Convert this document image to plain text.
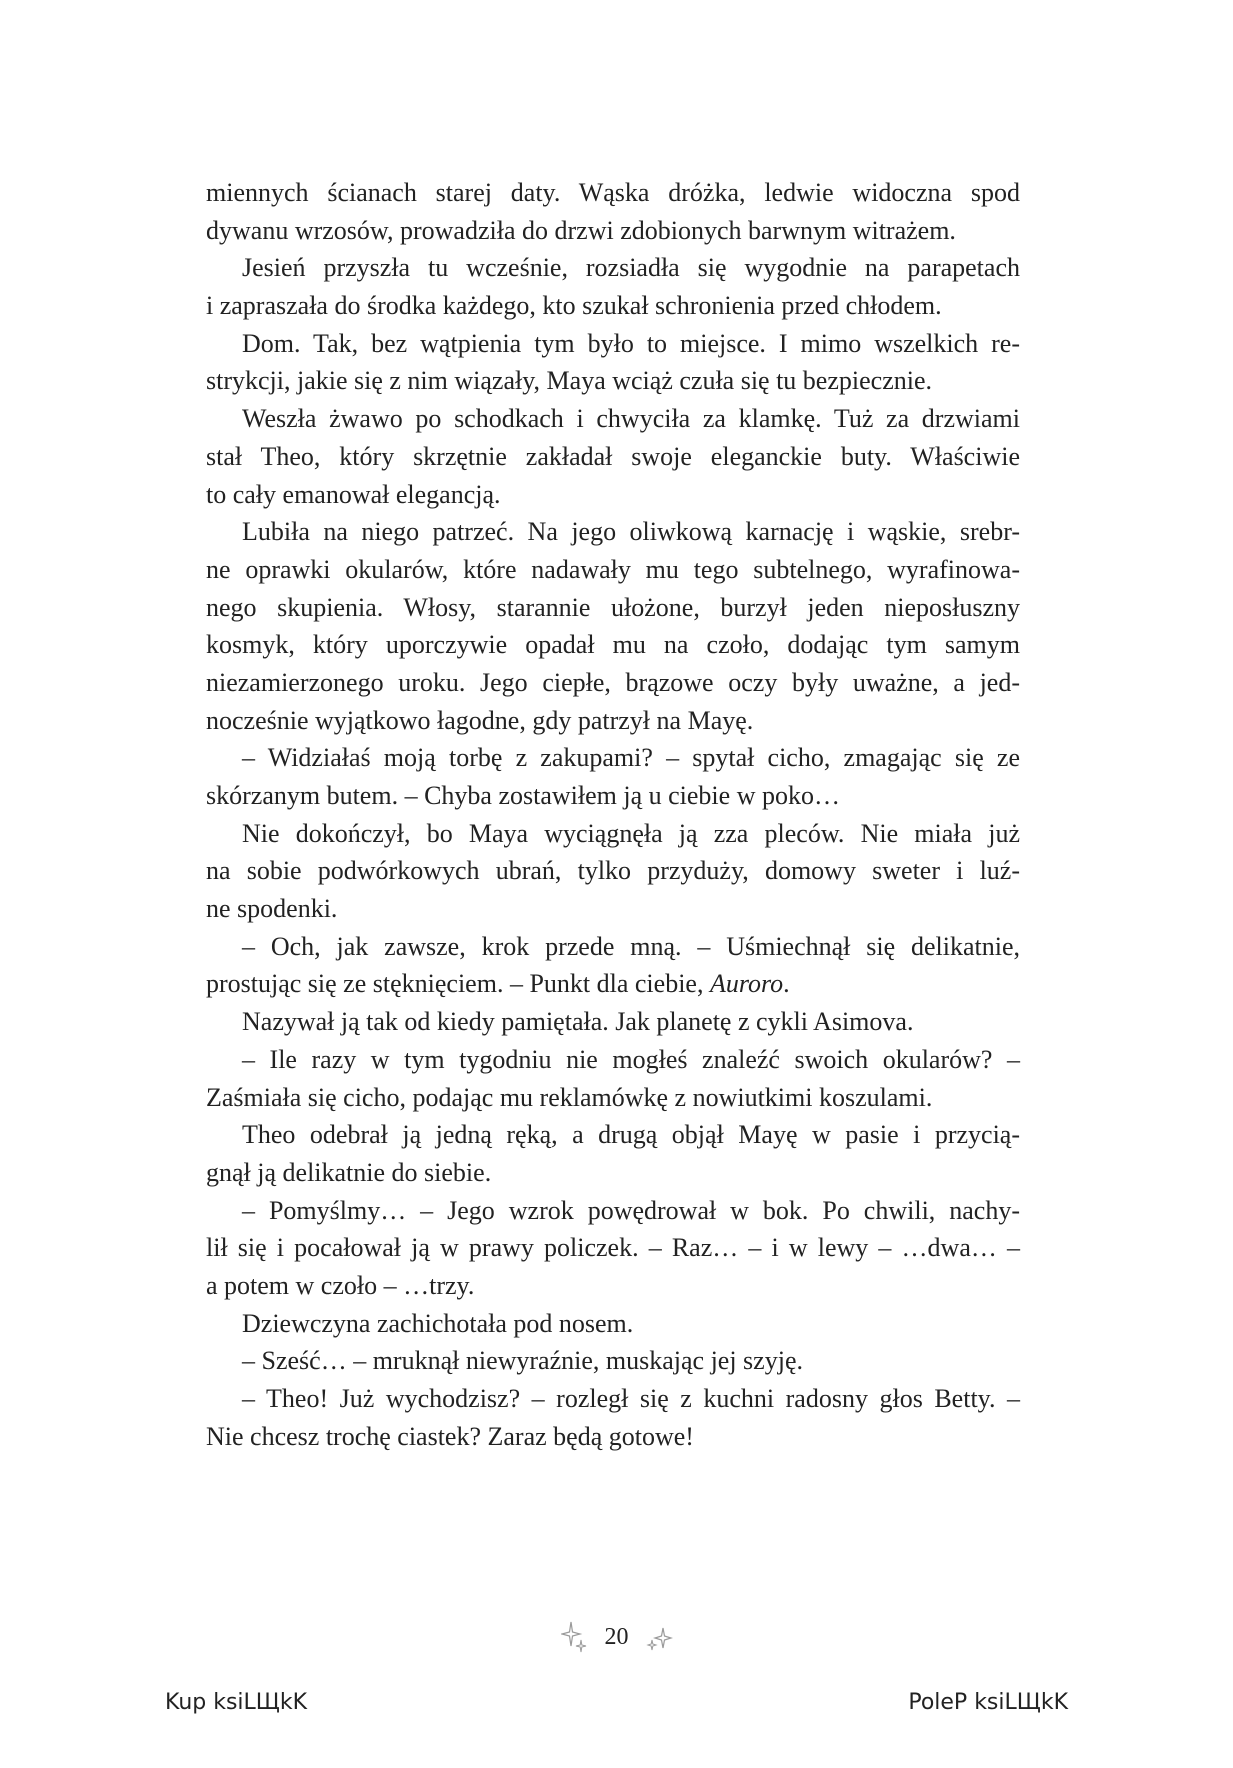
miennych ścianach starej daty. Wąska dróżka, ledwie widoczna spod
dywanu wrzosów, prowadziła do drzwi zdobionych barwnym witrażem.
Jesień przyszła tu wcześnie, rozsiadła się wygodnie na parapetach
i zapraszała do środka każdego, kto szukał schronienia przed chłodem.
Dom. Tak, bez wątpienia tym było to miejsce. I mimo wszelkich re-
strykcji, jakie się z nim wiązały, Maya wciąż czuła się tu bezpiecznie.
Weszła żwawo po schodkach i chwyciła za klamkę. Tuż za drzwiami
stał Theo, który skrzętnie zakładał swoje eleganckie buty. Właściwie
to cały emanował elegancją.
Lubiła na niego patrzeć. Na jego oliwkową karnację i wąskie, srebr-
ne oprawki okularów, które nadawały mu tego subtelnego, wyrafinowa-
nego skupienia. Włosy, starannie ułożone, burzył jeden nieposłuszny
kosmyk, który uporczywie opadał mu na czoło, dodając tym samym
niezamierzonego uroku. Jego ciepłe, brązowe oczy były uważne, a jed-
nocześnie wyjątkowo łagodne, gdy patrzył na Mayę.
– Widziałaś moją torbę z zakupami? – spytał cicho, zmagając się ze
skórzanym butem. – Chyba zostawiłem ją u ciebie w poko…
Nie dokończył, bo Maya wyciągnęła ją zza pleców. Nie miała już
na sobie podwórkowych ubrań, tylko przyduży, domowy sweter i luź-
ne spodenki.
– Och, jak zawsze, krok przede mną. – Uśmiechnął się delikatnie,
prostując się ze stęknięciem. – Punkt dla ciebie, Auroro.
Nazywał ją tak od kiedy pamiętała. Jak planetę z cykli Asimova.
– Ile razy w tym tygodniu nie mogłeś znaleźć swoich okularów? –
Zaśmiała się cicho, podając mu reklamówkę z nowiutkimi koszulami.
Theo odebrał ją jedną ręką, a drugą objął Mayę w pasie i przycią-
gnął ją delikatnie do siebie.
– Pomyślmy… – Jego wzrok powędrował w bok. Po chwili, nachy-
lił się i pocałował ją w prawy policzek. – Raz… – i w lewy – …dwa… –
a potem w czoło – …trzy.
Dziewczyna zachichotała pod nosem.
– Sześć… – mruknął niewyraźnie, muskając jej szyję.
– Theo! Już wychodzisz? – rozległ się z kuchni radosny głos Betty. –
Nie chcesz trochę ciastek? Zaraz będą gotowe!
20
Kup ksiLЩkK	PoleP ksiLЩkK
